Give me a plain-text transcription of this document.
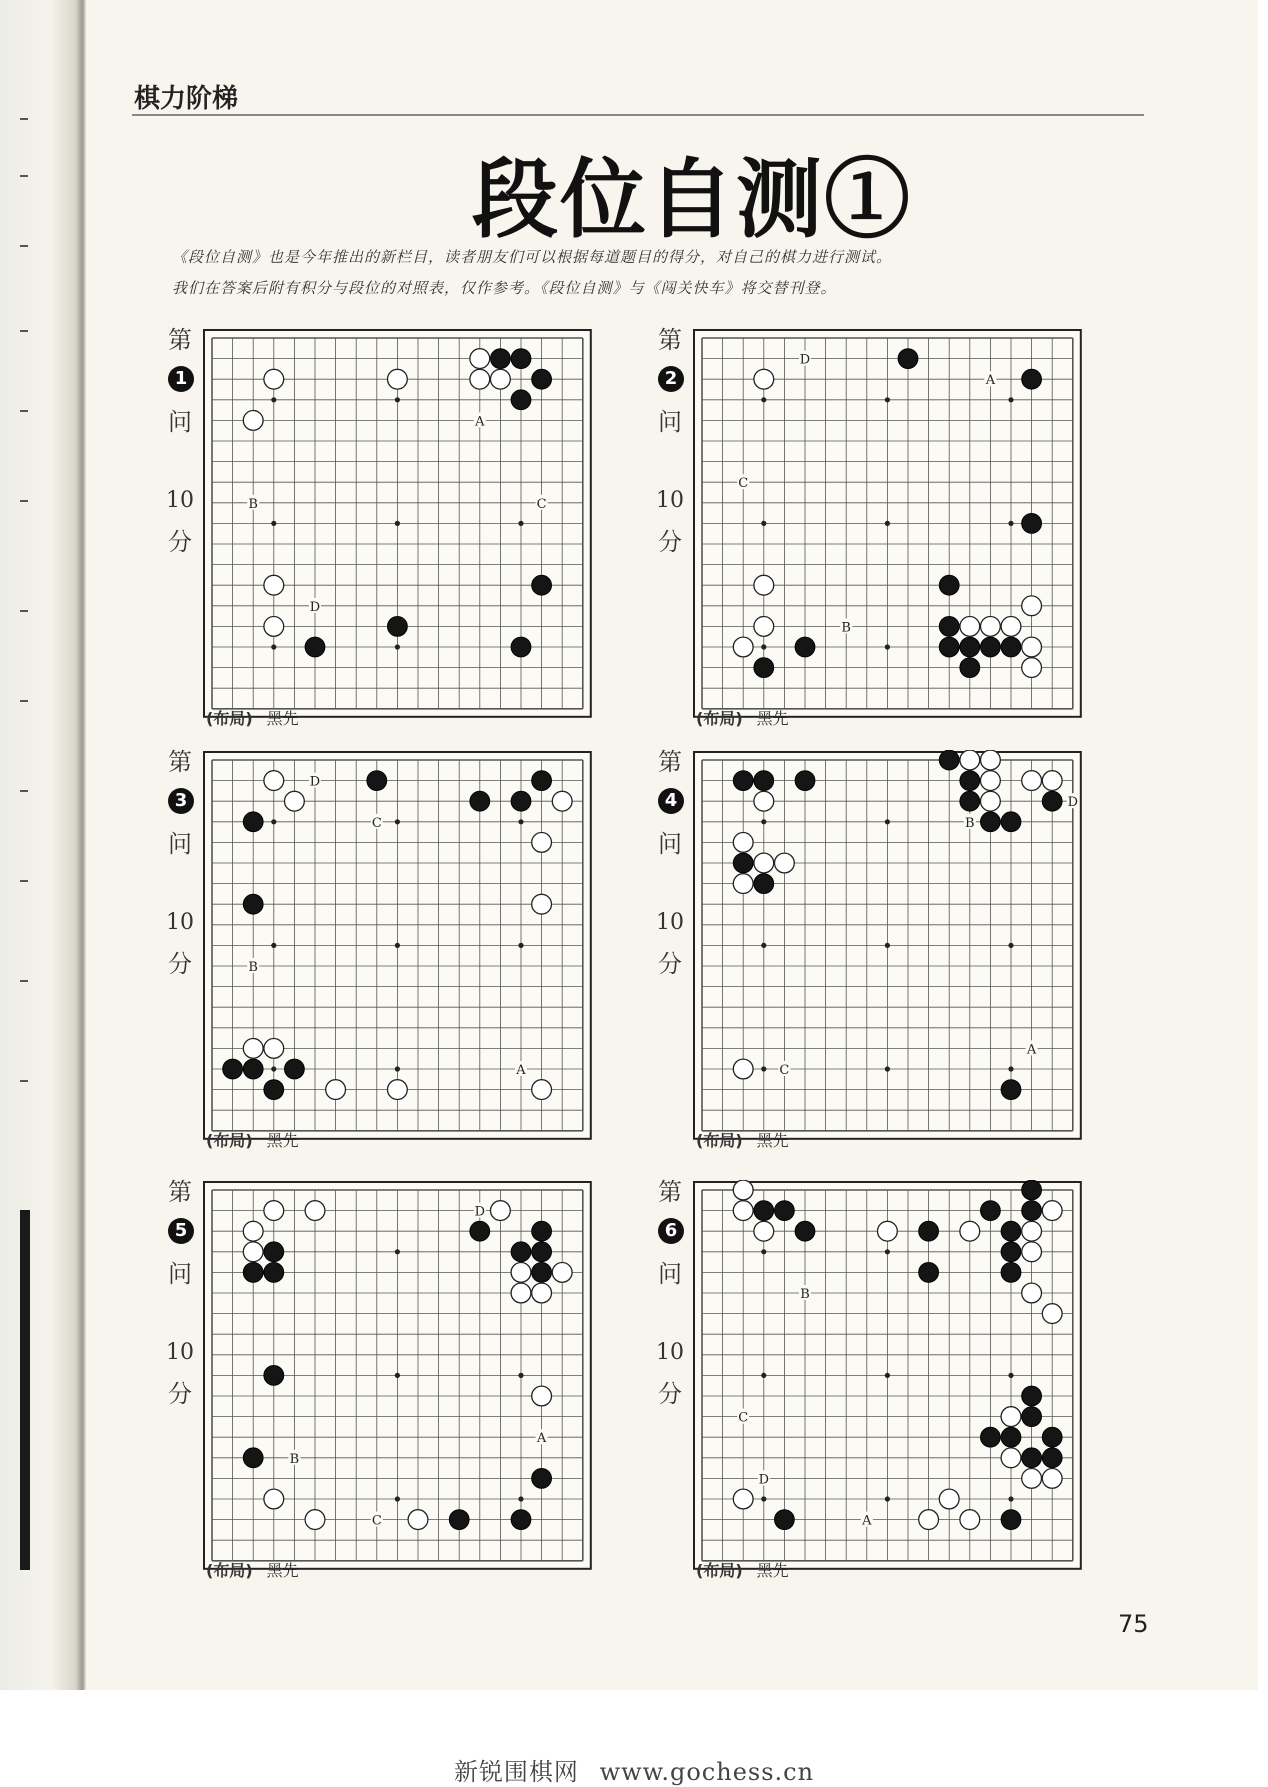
棋力阶梯
段位自测①
《段位自测》也是今年推出的新栏目，读者朋友们可以根据每道题目的得分，对自己的棋力进行测试。
我们在答案后附有积分与段位的对照表，仅作参考。《段位自测》与《闯关快车》将交替刊登。
第
1
问
10
分
A
B	C
D
(布局) 黑先
第
2
问
10
分
A
B
C
D
(布局) 黑先
第
3
问
10
分
A
B
C
D
(布局) 黑先
第
4
问
10
分
A
B
C
D
(布局) 黑先
第
5
问
10
分
A
B
C
D
(布局) 黑先
第
6
问
10
分
A
B
C
D
(布局) 黑先
75
新锐围棋网 www.gochess.cn
